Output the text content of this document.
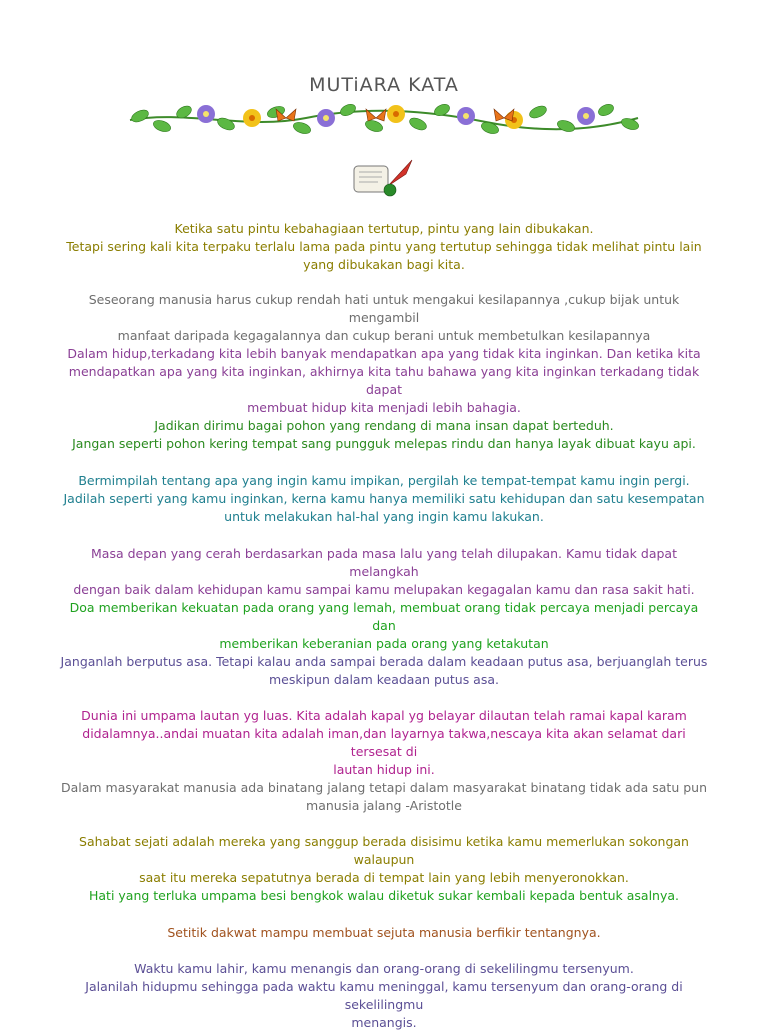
MUTiARA KATA
Ketika satu pintu kebahagiaan tertutup, pintu yang lain dibukakan.
Tetapi sering kali kita terpaku terlalu lama pada pintu yang tertutup sehingga tidak melihat pintu lain
yang dibukakan bagi kita.
Seseorang manusia harus cukup rendah hati untuk mengakui kesilapannya ,cukup bijak untuk mengambil
manfaat daripada kegagalannya dan cukup berani untuk membetulkan kesilapannya
Dalam hidup,terkadang kita lebih banyak mendapatkan apa yang tidak kita inginkan. Dan ketika kita
mendapatkan apa yang kita inginkan, akhirnya kita tahu bahawa yang kita inginkan terkadang tidak dapat
membuat hidup kita menjadi lebih bahagia.
Jadikan dirimu bagai pohon yang rendang di mana insan dapat berteduh.
Jangan seperti pohon kering tempat sang pungguk melepas rindu dan hanya layak dibuat kayu api.
Bermimpilah tentang apa yang ingin kamu impikan, pergilah ke tempat-tempat kamu ingin pergi.
Jadilah seperti yang kamu inginkan, kerna kamu hanya memiliki satu kehidupan dan satu kesempatan
untuk melakukan hal-hal yang ingin kamu lakukan.
Masa depan yang cerah berdasarkan pada masa lalu yang telah dilupakan. Kamu tidak dapat melangkah
dengan baik dalam kehidupan kamu sampai kamu melupakan kegagalan kamu dan rasa sakit hati.
Doa memberikan kekuatan pada orang yang lemah, membuat orang tidak percaya menjadi percaya dan
memberikan keberanian pada orang yang ketakutan
Janganlah berputus asa. Tetapi kalau anda sampai berada dalam keadaan putus asa, berjuanglah terus
meskipun dalam keadaan putus asa.
Dunia ini umpama lautan yg luas. Kita adalah kapal yg belayar dilautan telah ramai kapal karam
didalamnya..andai muatan kita adalah iman,dan layarnya takwa,nescaya kita akan selamat dari tersesat di
lautan hidup ini.
Dalam masyarakat manusia ada binatang jalang tetapi dalam masyarakat binatang tidak ada satu pun
manusia jalang -Aristotle
Sahabat sejati adalah mereka yang sanggup berada disisimu ketika kamu memerlukan sokongan walaupun
saat itu mereka sepatutnya berada di tempat lain yang lebih menyeronokkan.
Hati yang terluka umpama besi bengkok walau diketuk sukar kembali kepada bentuk asalnya.
Setitik dakwat mampu membuat sejuta manusia berfikir tentangnya.
Waktu kamu lahir, kamu menangis dan orang-orang di sekelilingmu tersenyum.
Jalanilah hidupmu sehingga pada waktu kamu meninggal, kamu tersenyum dan orang-orang di sekelilingmu
menangis.
